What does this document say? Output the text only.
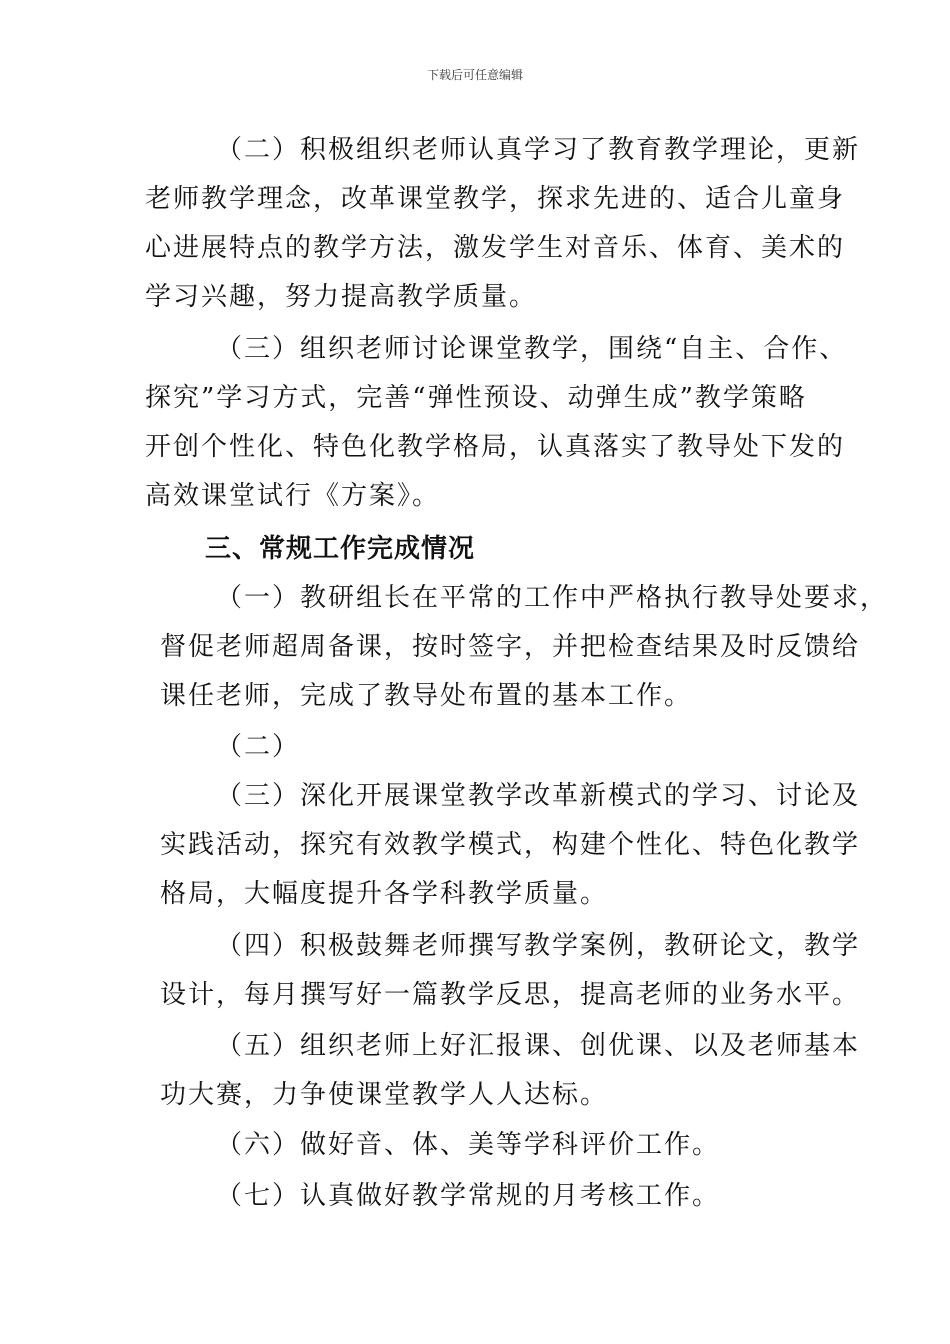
下载后可任意编辑
（二）积极组织老师认真学习了教育教学理论，更新
老师教学理念，改革课堂教学，探求先进的、适合儿童身
心进展特点的教学方法，激发学生对音乐、体育、美术的
学习兴趣，努力提高教学质量。
（三）组织老师讨论课堂教学，围绕“自主、合作、
探究”学习方式，完善“弹性预设、动弹生成”教学策略
开创个性化、特色化教学格局，认真落实了教导处下发的
高效课堂试行《方案》。
三、常规工作完成情况
（一）教研组长在平常的工作中严格执行教导处要求，
督促老师超周备课，按时签字，并把检查结果及时反馈给
课任老师，完成了教导处布置的基本工作。
（二）
（三）深化开展课堂教学改革新模式的学习、讨论及
实践活动，探究有效教学模式，构建个性化、特色化教学
格局，大幅度提升各学科教学质量。
（四）积极鼓舞老师撰写教学案例，教研论文，教学
设计，每月撰写好一篇教学反思，提高老师的业务水平。
（五）组织老师上好汇报课、创优课、以及老师基本
功大赛，力争使课堂教学人人达标。
（六）做好音、体、美等学科评价工作。
（七）认真做好教学常规的月考核工作。
